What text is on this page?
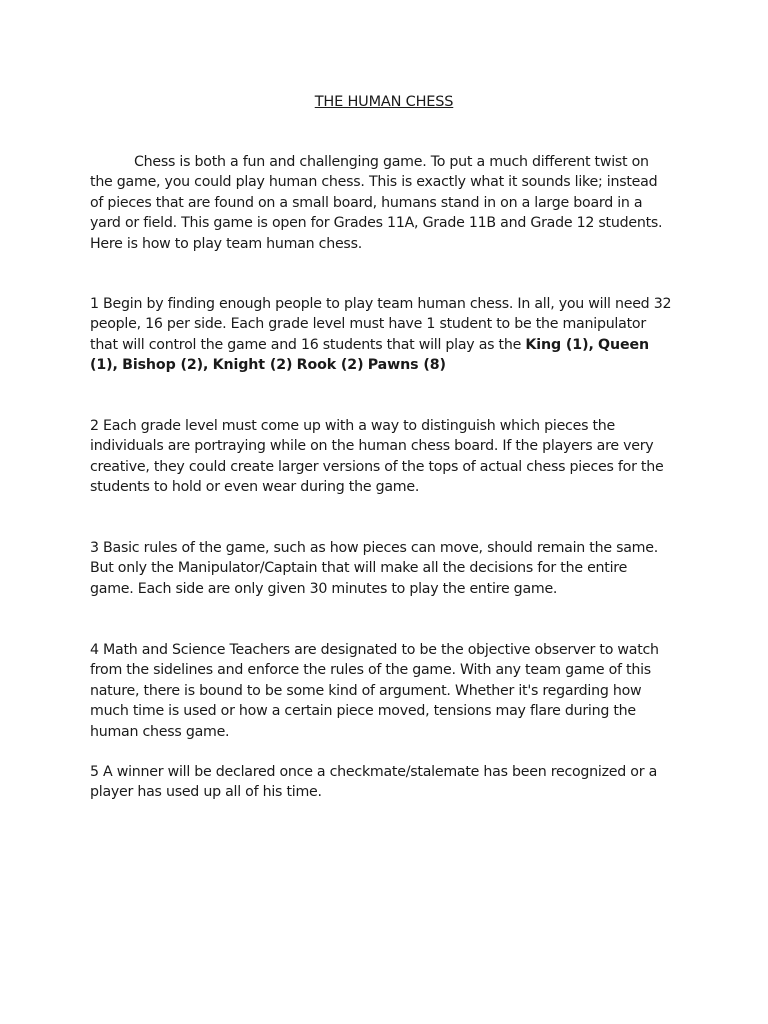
THE HUMAN CHESS

Chess is both a fun and challenging game. To put a much different twist on the game, you could play human chess. This is exactly what it sounds like; instead of pieces that are found on a small board, humans stand in on a large board in a yard or field. This game is open for Grades 11A, Grade 11B and Grade 12 students. Here is how to play team human chess.

1 Begin by finding enough people to play team human chess. In all, you will need 32 people, 16 per side. Each grade level must have 1 student to be the manipulator that will control the game and 16 students that will play as the King (1), Queen (1), Bishop (2), Knight (2) Rook (2) Pawns (8)

2 Each grade level must come up with a way to distinguish which pieces the individuals are portraying while on the human chess board. If the players are very creative, they could create larger versions of the tops of actual chess pieces for the students to hold or even wear during the game.

3 Basic rules of the game, such as how pieces can move, should remain the same. But only the Manipulator/Captain that will make all the decisions for the entire game. Each side are only given 30 minutes to play the entire game.

4 Math and Science Teachers are designated to be the objective observer to watch from the sidelines and enforce the rules of the game. With any team game of this nature, there is bound to be some kind of argument. Whether it's regarding how much time is used or how a certain piece moved, tensions may flare during the human chess game.

5 A winner will be declared once a checkmate/stalemate has been recognized or a player has used up all of his time.
